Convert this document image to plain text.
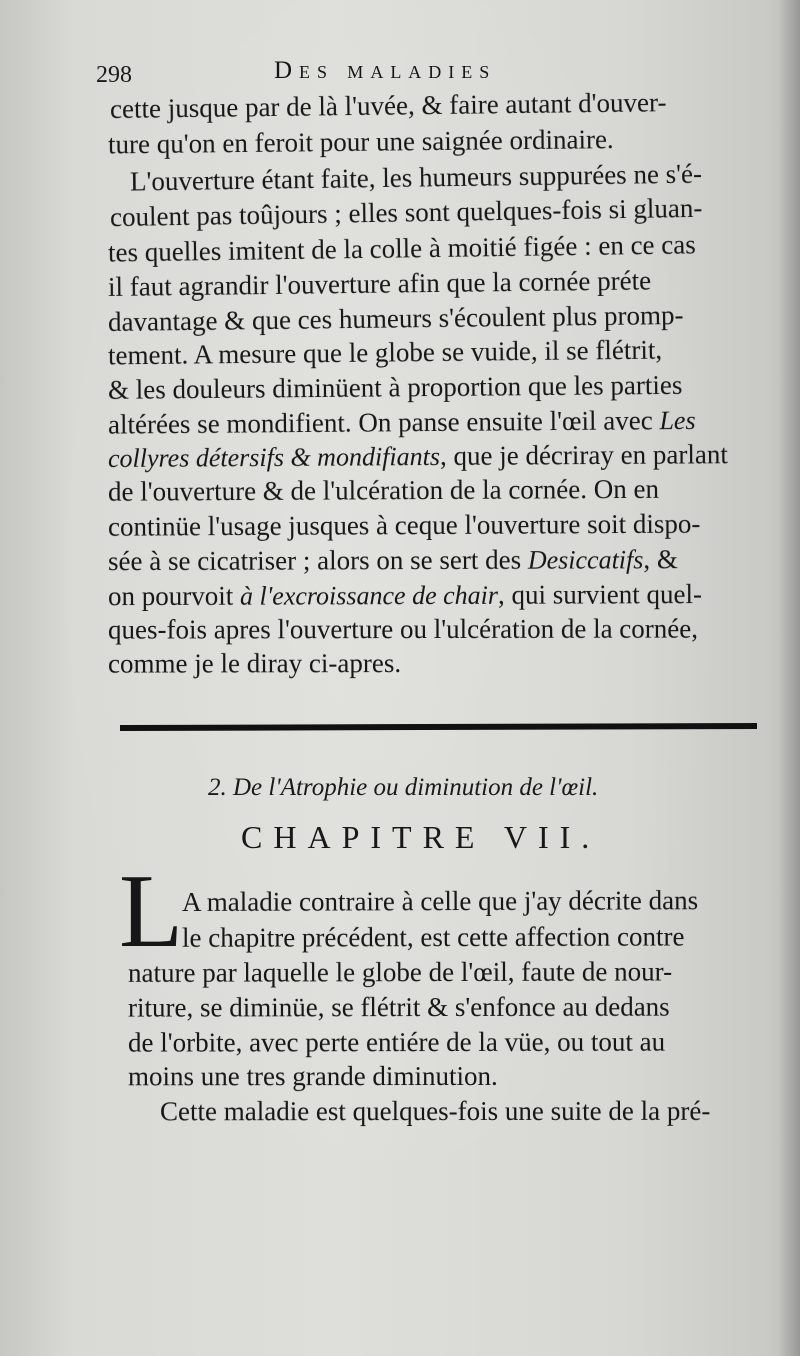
298	Des maladies
cette jusque par de là l'uvée, & faire autant d'ouver-
ture qu'on en feroit pour une saignée ordinaire.
L'ouverture étant faite, les humeurs suppurées ne s'é-
coulent pas toûjours ; elles sont quelques-fois si gluan-
tes quelles imitent de la colle à moitié figée : en ce cas
il faut agrandir l'ouverture afin que la cornée préte
davantage & que ces humeurs s'écoulent plus promp-
tement. A mesure que le globe se vuide, il se flétrit,
& les douleurs diminüent à proportion que les parties
altérées se mondifient. On panse ensuite l'œil avec Les
collyres détersifs & mondifiants, que je décriray en parlant
de l'ouverture & de l'ulcération de la cornée. On en
continüe l'usage jusques à ceque l'ouverture soit dispo-
sée à se cicatriser ; alors on se sert des Desiccatifs, &
on pourvoit à l'excroissance de chair, qui survient quel-
ques-fois apres l'ouverture ou l'ulcération de la cornée,
comme je le diray ci-apres.
2. De l'Atrophie ou diminution de l'œil.
CHAPITRE VII.
L
A maladie contraire à celle que j'ay décrite dans
le chapitre précédent, est cette affection contre
nature par laquelle le globe de l'œil, faute de nour-
riture, se diminüe, se flétrit & s'enfonce au dedans
de l'orbite, avec perte entiére de la vüe, ou tout au
moins une tres grande diminution.
Cette maladie est quelques-fois une suite de la pré-
